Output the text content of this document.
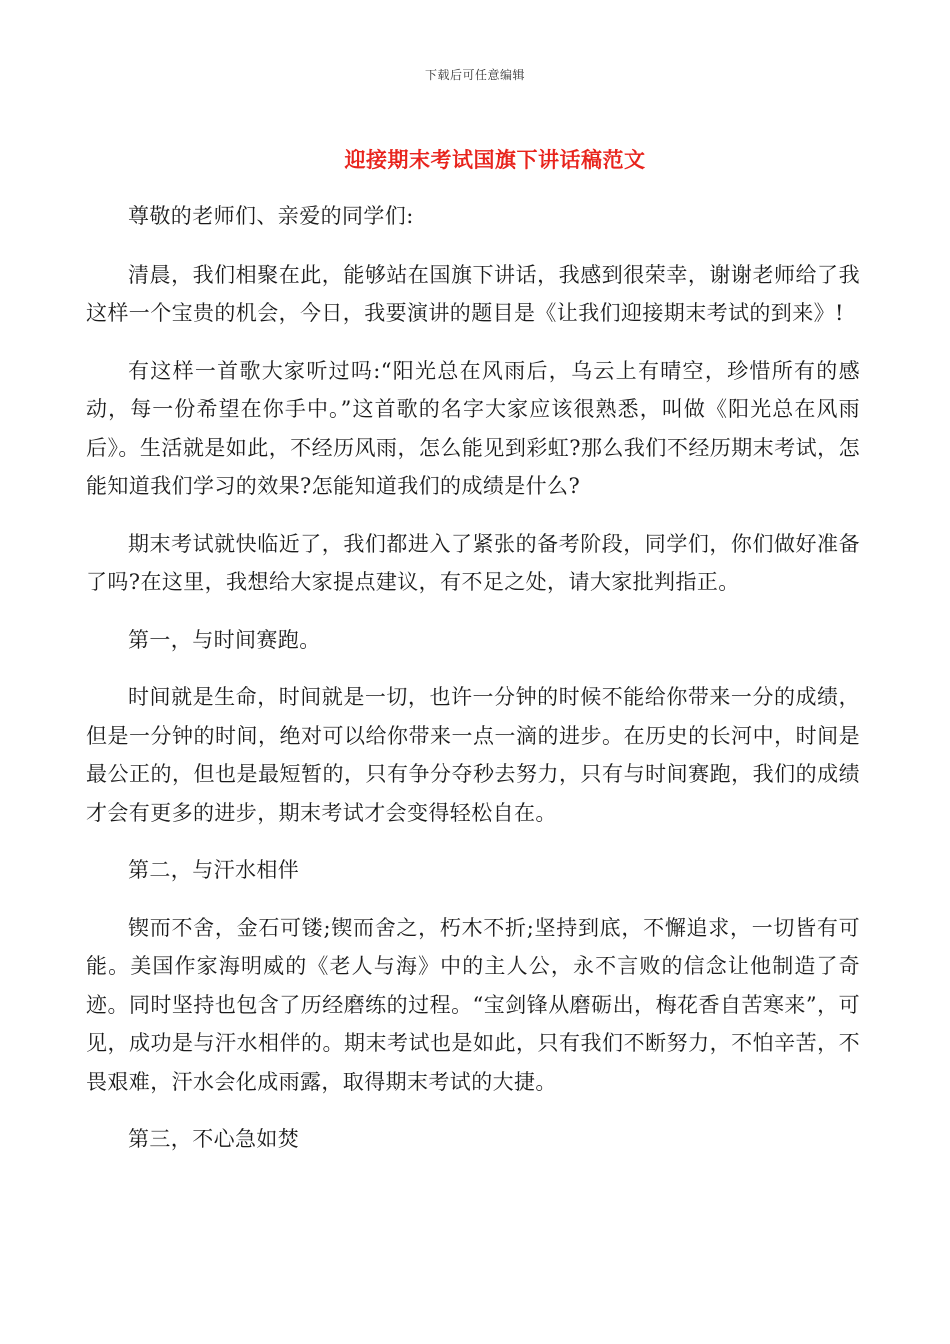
下载后可任意编辑
迎接期末考试国旗下讲话稿范文

尊敬的老师们、亲爱的同学们:

清晨，我们相聚在此，能够站在国旗下讲话，我感到很荣幸，谢谢老师给了我这样一个宝贵的机会，今日，我要演讲的题目是《让我们迎接期末考试的到来》!

有这样一首歌大家听过吗:“阳光总在风雨后，乌云上有晴空，珍惜所有的感动，每一份希望在你手中。”这首歌的名字大家应该很熟悉，叫做《阳光总在风雨后》。生活就是如此，不经历风雨，怎么能见到彩虹?那么我们不经历期末考试，怎能知道我们学习的效果?怎能知道我们的成绩是什么?

期末考试就快临近了，我们都进入了紧张的备考阶段，同学们，你们做好准备了吗?在这里，我想给大家提点建议，有不足之处，请大家批判指正。

第一，与时间赛跑。

时间就是生命，时间就是一切，也许一分钟的时候不能给你带来一分的成绩，但是一分钟的时间，绝对可以给你带来一点一滴的进步。在历史的长河中，时间是最公正的，但也是最短暂的，只有争分夺秒去努力，只有与时间赛跑，我们的成绩才会有更多的进步，期末考试才会变得轻松自在。

第二，与汗水相伴

锲而不舍，金石可镂;锲而舍之，朽木不折;坚持到底，不懈追求，一切皆有可能。美国作家海明威的《老人与海》中的主人公，永不言败的信念让他制造了奇迹。同时坚持也包含了历经磨练的过程。“宝剑锋从磨砺出，梅花香自苦寒来”，可见，成功是与汗水相伴的。期末考试也是如此，只有我们不断努力，不怕辛苦，不畏艰难，汗水会化成雨露，取得期末考试的大捷。

第三，不心急如焚
